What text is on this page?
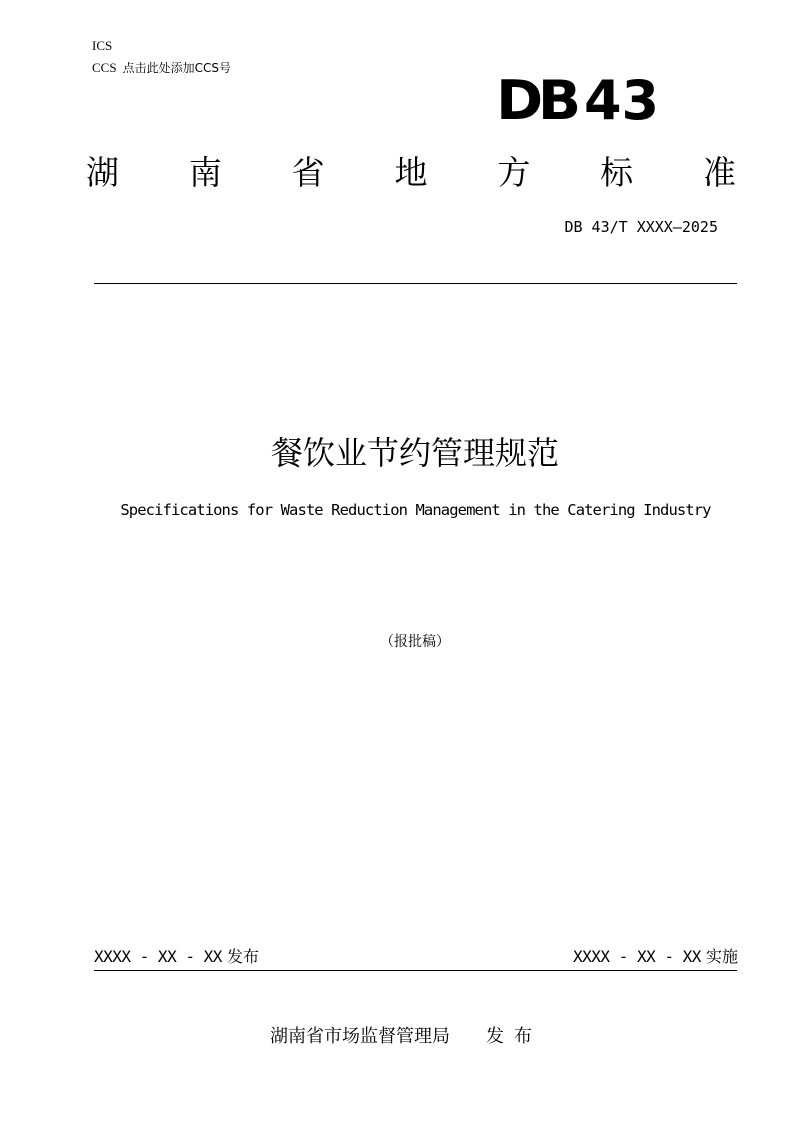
ICS
CCS 点击此处添加CCS号
DB 43
湖 南 省 地 方 标 准
DB 43/T XXXX—2025
餐饮业节约管理规范
Specifications for Waste Reduction Management in the Catering Industry
（报批稿）
XXXX - XX - XX 发布	XXXX - XX - XX 实施
湖南省市场监督管理局 发布
